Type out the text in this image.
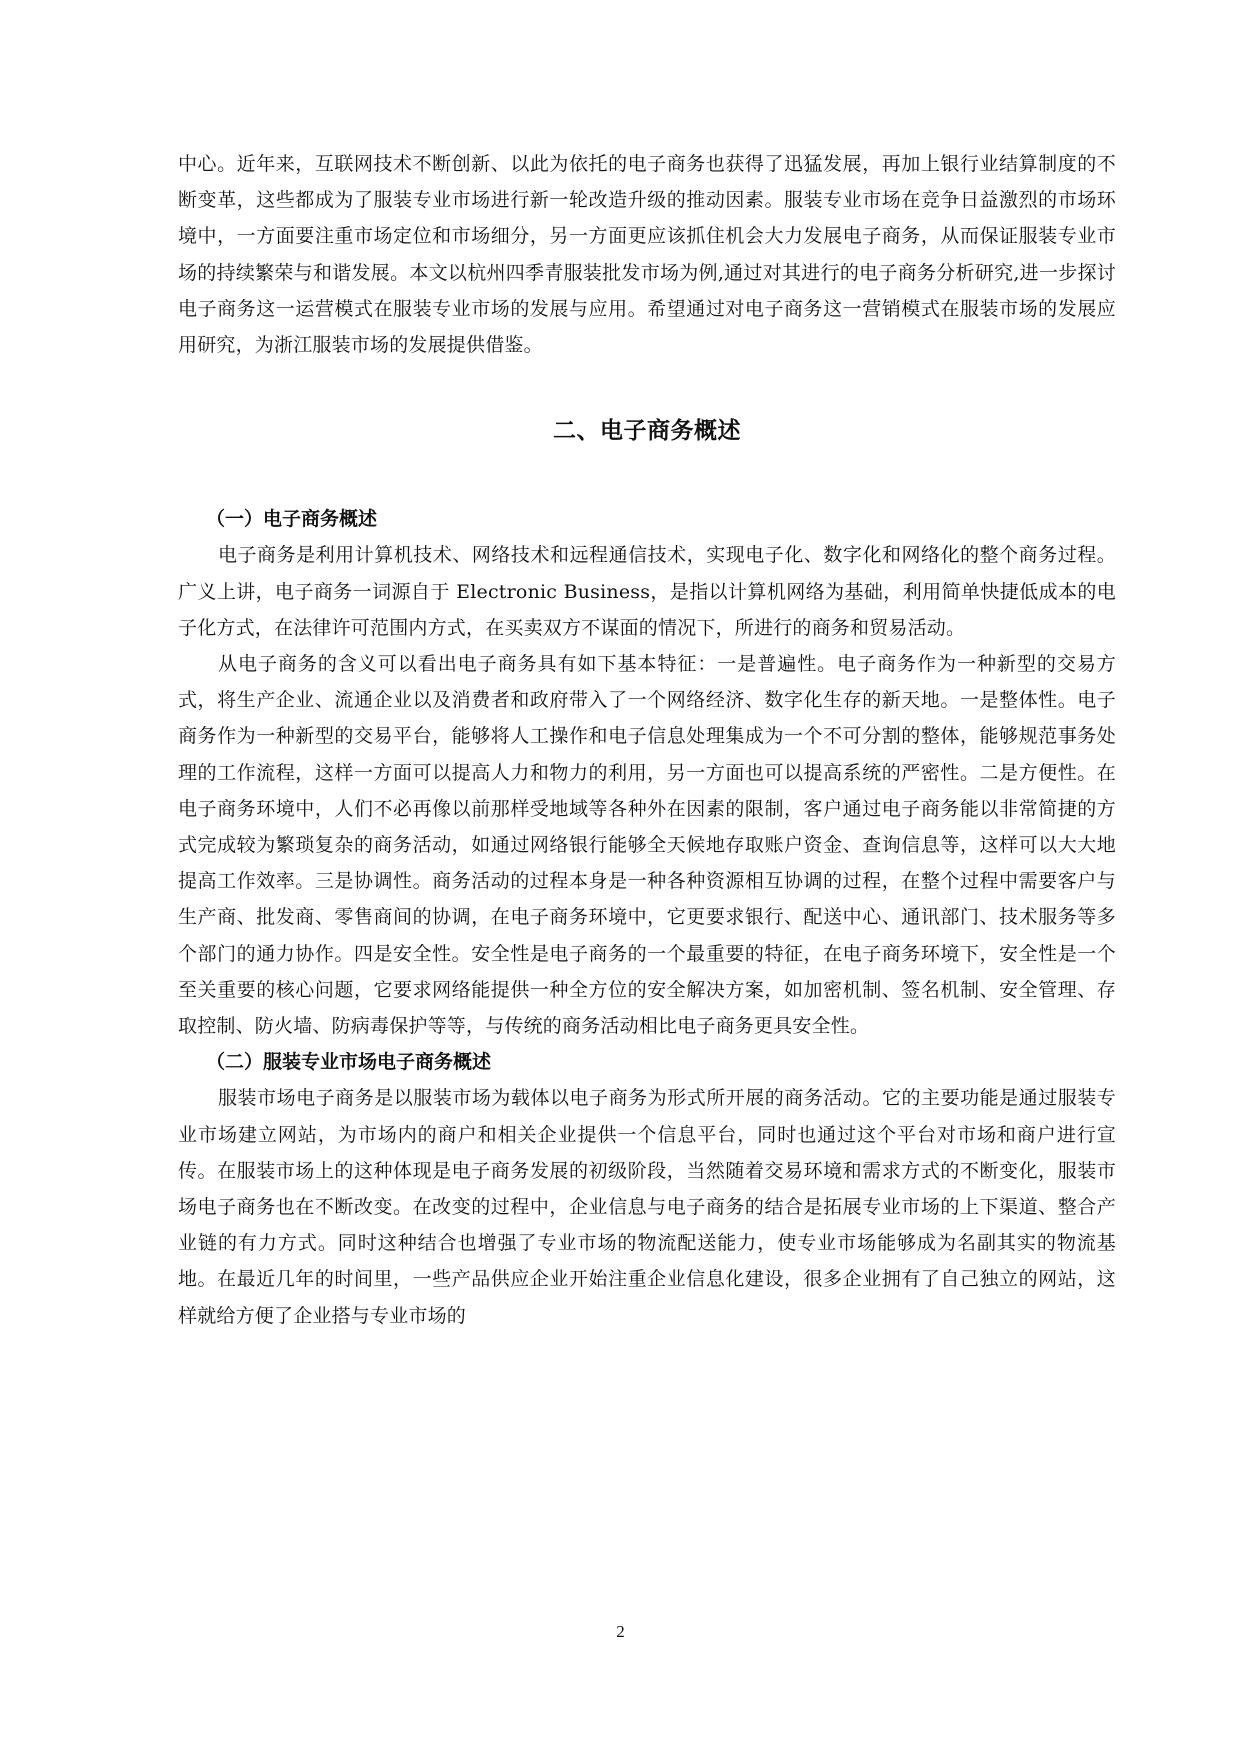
中心。近年来，互联网技术不断创新、以此为依托的电子商务也获得了迅猛发展，再加上银行业结算制度的不断变革，这些都成为了服装专业市场进行新一轮改造升级的推动因素。服装专业市场在竞争日益激烈的市场环境中，一方面要注重市场定位和市场细分，另一方面更应该抓住机会大力发展电子商务，从而保证服装专业市场的持续繁荣与和谐发展。本文以杭州四季青服装批发市场为例,通过对其进行的电子商务分析研究,进一步探讨电子商务这一运营模式在服装专业市场的发展与应用。希望通过对电子商务这一营销模式在服装市场的发展应用研究，为浙江服装市场的发展提供借鉴。

二、电子商务概述
（一）电子商务概述

电子商务是利用计算机技术、网络技术和远程通信技术，实现电子化、数字化和网络化的整个商务过程。广义上讲，电子商务一词源自于 Electronic Business，是指以计算机网络为基础，利用简单快捷低成本的电子化方式，在法律许可范围内方式，在买卖双方不谋面的情况下，所进行的商务和贸易活动。

从电子商务的含义可以看出电子商务具有如下基本特征：一是普遍性。电子商务作为一种新型的交易方式，将生产企业、流通企业以及消费者和政府带入了一个网络经济、数字化生存的新天地。一是整体性。电子商务作为一种新型的交易平台，能够将人工操作和电子信息处理集成为一个不可分割的整体，能够规范事务处理的工作流程，这样一方面可以提高人力和物力的利用，另一方面也可以提高系统的严密性。二是方便性。在电子商务环境中，人们不必再像以前那样受地域等各种外在因素的限制，客户通过电子商务能以非常简捷的方式完成较为繁琐复杂的商务活动，如通过网络银行能够全天候地存取账户资金、查询信息等，这样可以大大地提高工作效率。三是协调性。商务活动的过程本身是一种各种资源相互协调的过程，在整个过程中需要客户与生产商、批发商、零售商间的协调，在电子商务环境中，它更要求银行、配送中心、通讯部门、技术服务等多个部门的通力协作。四是安全性。安全性是电子商务的一个最重要的特征，在电子商务环境下，安全性是一个至关重要的核心问题，它要求网络能提供一种全方位的安全解决方案，如加密机制、签名机制、安全管理、存取控制、防火墙、防病毒保护等等，与传统的商务活动相比电子商务更具安全性。

（二）服装专业市场电子商务概述

服装市场电子商务是以服装市场为载体以电子商务为形式所开展的商务活动。它的主要功能是通过服装专业市场建立网站，为市场内的商户和相关企业提供一个信息平台，同时也通过这个平台对市场和商户进行宣传。在服装市场上的这种体现是电子商务发展的初级阶段，当然随着交易环境和需求方式的不断变化，服装市场电子商务也在不断改变。在改变的过程中，企业信息与电子商务的结合是拓展专业市场的上下渠道、整合产业链的有力方式。同时这种结合也增强了专业市场的物流配送能力，使专业市场能够成为名副其实的物流基地。在最近几年的时间里，一些产品供应企业开始注重企业信息化建设，很多企业拥有了自己独立的网站，这样就给方便了企业搭与专业市场的

2
